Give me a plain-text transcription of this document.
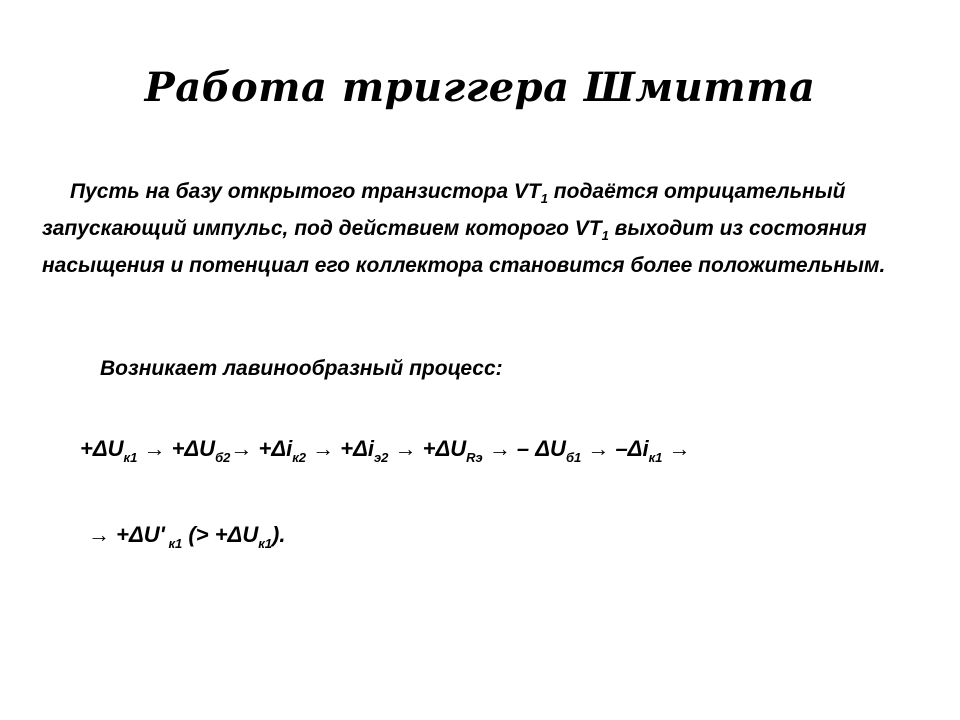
Работа триггера Шмитта
Пусть на базу открытого транзистора $VT_1$ подаётся отрицательный запускающий импульс, под действием которого $VT_1$ выходит из состояния насыщения и потенциал его коллектора становится более положительным.
Возникает лавинообразный процесс:
$+\Delta U_{к1} \to +\Delta U_{б2}\to +\Delta i_{к2} \to +\Delta i_{э2} \to +\Delta U_{Rэ}$ → – $\Delta U_{б1} \to -\Delta i_{к1}$ →
→ +ΔU' $_{к1}$ (> $+\Delta U_{к1}$).
